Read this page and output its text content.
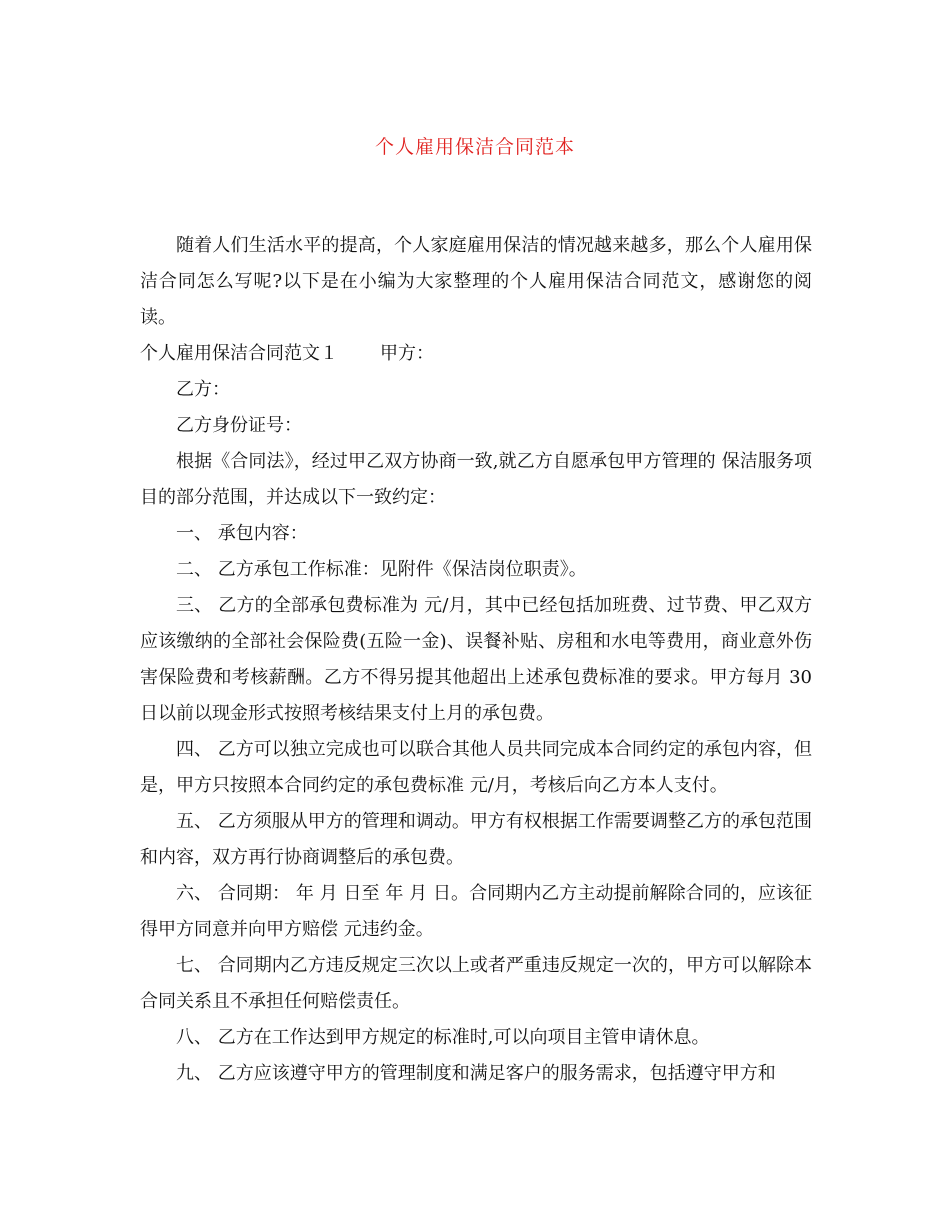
个人雇用保洁合同范本

随着人们生活水平的提高，个人家庭雇用保洁的情况越来越多，那么个人雇用保洁合同怎么写呢?以下是在小编为大家整理的个人雇用保洁合同范文，感谢您的阅读。

个人雇用保洁合同范文１ 甲方：

乙方：

乙方身份证号：

根据《合同法》，经过甲乙双方协商一致,就乙方自愿承包甲方管理的 保洁服务项目的部分范围，并达成以下一致约定：

一、 承包内容：

二、 乙方承包工作标准：见附件《保洁岗位职责》。

三、 乙方的全部承包费标准为 元/月，其中已经包括加班费、过节费、甲乙双方应该缴纳的全部社会保险费(五险一金)、误餐补贴、房租和水电等费用，商业意外伤害保险费和考核薪酬。乙方不得另提其他超出上述承包费标准的要求。甲方每月 30 日以前以现金形式按照考核结果支付上月的承包费。

四、 乙方可以独立完成也可以联合其他人员共同完成本合同约定的承包内容，但是，甲方只按照本合同约定的承包费标准 元/月，考核后向乙方本人支付。

五、 乙方须服从甲方的管理和调动。甲方有权根据工作需要调整乙方的承包范围和内容，双方再行协商调整后的承包费。

六、 合同期： 年 月 日至 年 月 日。合同期内乙方主动提前解除合同的，应该征得甲方同意并向甲方赔偿 元违约金。

七、 合同期内乙方违反规定三次以上或者严重违反规定一次的，甲方可以解除本合同关系且不承担任何赔偿责任。

八、 乙方在工作达到甲方规定的标准时,可以向项目主管申请休息。

九、 乙方应该遵守甲方的管理制度和满足客户的服务需求，包括遵守甲方和
